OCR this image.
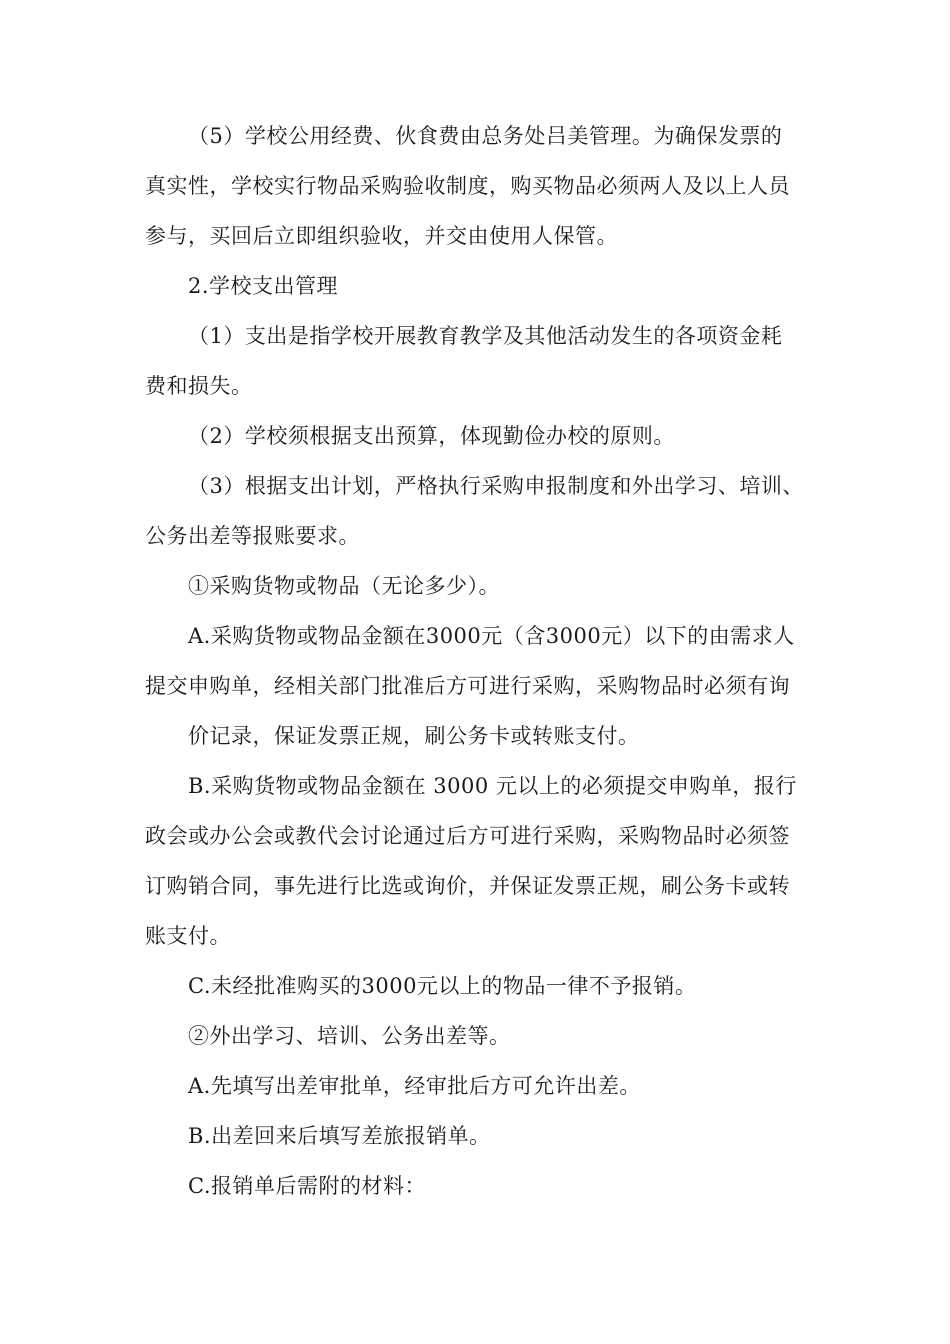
（5）学校公用经费、伙食费由总务处吕美管理。为确保发票的
真实性，学校实行物品采购验收制度，购买物品必须两人及以上人员
参与，买回后立即组织验收，并交由使用人保管。
2.学校支出管理
（1）支出是指学校开展教育教学及其他活动发生的各项资金耗
费和损失。
（2）学校须根据支出预算，体现勤俭办校的原则。
（3）根据支出计划，严格执行采购申报制度和外出学习、培训、
公务出差等报账要求。
①采购货物或物品（无论多少）。
A.采购货物或物品金额在3000元（含3000元）以下的由需求人
提交申购单，经相关部门批准后方可进行采购，采购物品时必须有询
价记录，保证发票正规，刷公务卡或转账支付。
B.采购货物或物品金额在 3000 元以上的必须提交申购单，报行
政会或办公会或教代会讨论通过后方可进行采购，采购物品时必须签
订购销合同，事先进行比选或询价，并保证发票正规，刷公务卡或转
账支付。
C.未经批准购买的3000元以上的物品一律不予报销。
②外出学习、培训、公务出差等。
A.先填写出差审批单，经审批后方可允许出差。
B.出差回来后填写差旅报销单。
C.报销单后需附的材料：
